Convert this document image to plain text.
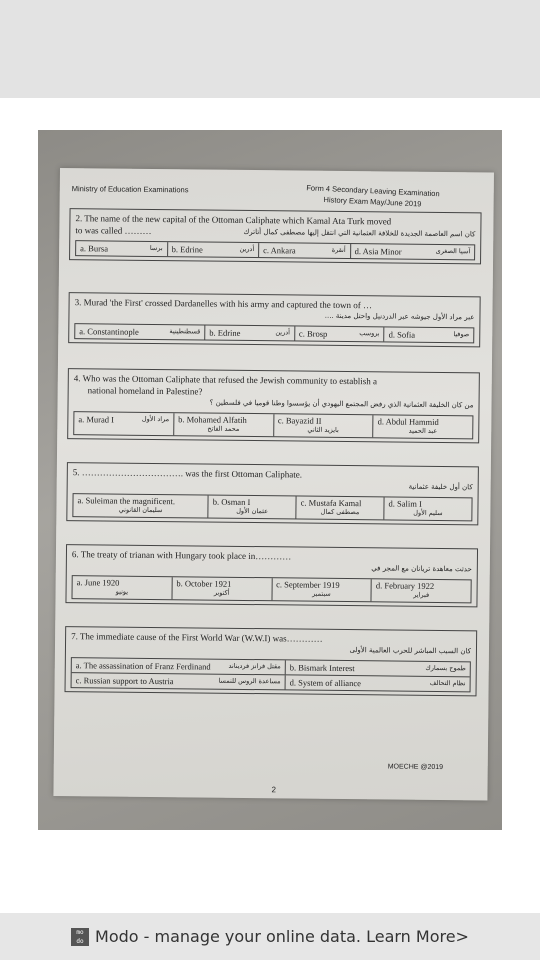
Ministry of Education Examinations	Form 4 Secondary Leaving Examination
History Exam May/June 2019
2. The name of the new capital of the Ottoman Caliphate which Kamal Ata Turk moved
to was called ………	كان اسم العاصمة الجديدة للخلافة العثمانية التي انتقل إليها مصطفى كمال أتاترك
a. Bursa	برسا b. Edrine	أدرين c. Ankara	أنقرة d. Asia Minor	آسيا الصغرى
3. Murad 'the First' crossed Dardanelles with his army and captured the town of …
عبر مراد الأول جيوشه عبر الدردنيل واحتل مدينة ....
a. Constantinople	قسطنطينية b. Edrine	أدرين c. Brosp	بروسب d. Sofia	صوفيا
4. Who was the Ottoman Caliphate that refused the Jewish community to establish a
national homeland in Palestine?
من كان الخليفة العثمانية الذي رفض المجتمع اليهودي أن يؤسسوا وطنا قوميا في فلسطين ؟
a. Murad I	مراد الأول	b. Mohamed Alfatih
محمد الفاتح
c. Bayazid II
بايزيد الثاني
d. Abdul Hammid
عبد الحميد
5. ……………………………. was the first Ottoman Caliphate.
كان أول خليفة عثمانية
a. Suleiman the magnificent.
سليمان القانوني
b. Osman I
عثمان الأول
c. Mustafa Kamal
مصطفى كمال
d. Salim I
سليم الأول
6. The treaty of trianan with Hungary took place in…………
حدثت معاهدة تريانان مع المجر في
a. June 1920
يونيو
b. October 1921
أكتوبر
c. September 1919
سبتمبر
d. February 1922
فبراير
7. The immediate cause of the First World War (W.W.I) was…………
كان السبب المباشر للحرب العالمية الأولى
a. The assassination of Franz Ferdinand	مقتل فرانز فرديناند b. Bismark Interest	طموح بسمارك
c. Russian support to Austria	مساعدة الروس للنمسا d. System of alliance	نظام التحالف
MOECHE @2019
2
mo do Modo - manage your online data. Learn More>
